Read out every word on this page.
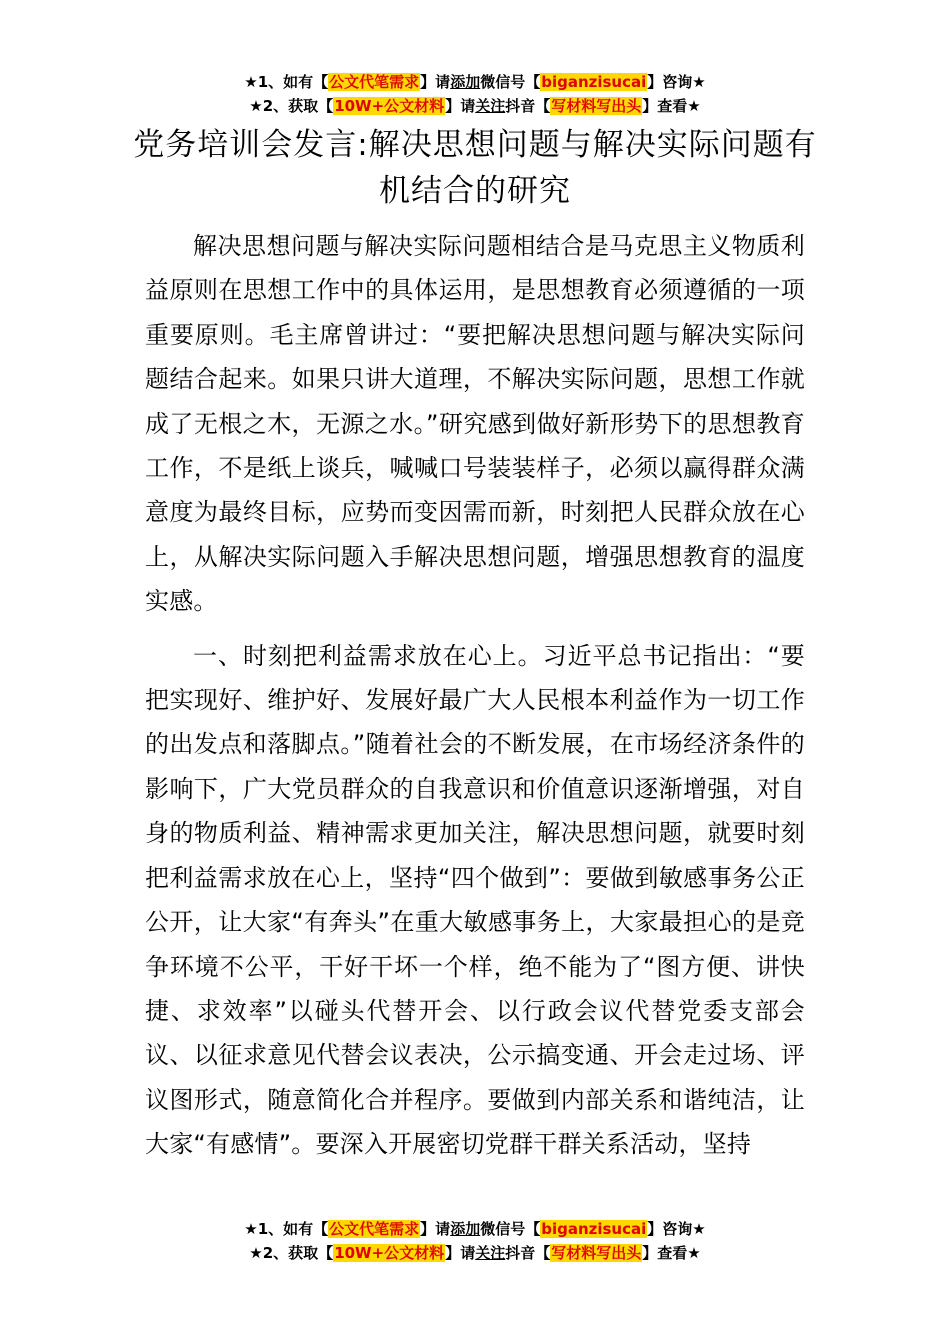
★1、如有【公文代笔需求】请添加微信号【biganzisucai】咨询★
★2、获取【10W+公文材料】请关注抖音【写材料写出头】查看★
党务培训会发言:解决思想问题与解决实际问题有机结合的研究

解决思想问题与解决实际问题相结合是马克思主义物质利益原则在思想工作中的具体运用，是思想教育必须遵循的一项重要原则。毛主席曾讲过：“要把解决思想问题与解决实际问题结合起来。如果只讲大道理，不解决实际问题，思想工作就成了无根之木，无源之水。”研究感到做好新形势下的思想教育工作，不是纸上谈兵，喊喊口号装装样子，必须以赢得群众满意度为最终目标，应势而变因需而新，时刻把人民群众放在心上，从解决实际问题入手解决思想问题，增强思想教育的温度实感。

一、时刻把利益需求放在心上。习近平总书记指出：“要把实现好、维护好、发展好最广大人民根本利益作为一切工作的出发点和落脚点。”随着社会的不断发展，在市场经济条件的影响下，广大党员群众的自我意识和价值意识逐渐增强，对自身的物质利益、精神需求更加关注，解决思想问题，就要时刻把利益需求放在心上，坚持“四个做到”：要做到敏感事务公正公开，让大家“有奔头”在重大敏感事务上，大家最担心的是竞争环境不公平，干好干坏一个样，绝不能为了“图方便、讲快捷、求效率”以碰头代替开会、以行政会议代替党委支部会议、以征求意见代替会议表决，公示搞变通、开会走过场、评议图形式，随意简化合并程序。要做到内部关系和谐纯洁，让大家“有感情”。要深入开展密切党群干群关系活动，坚持

★1、如有【公文代笔需求】请添加微信号【biganzisucai】咨询★
★2、获取【10W+公文材料】请关注抖音【写材料写出头】查看★
